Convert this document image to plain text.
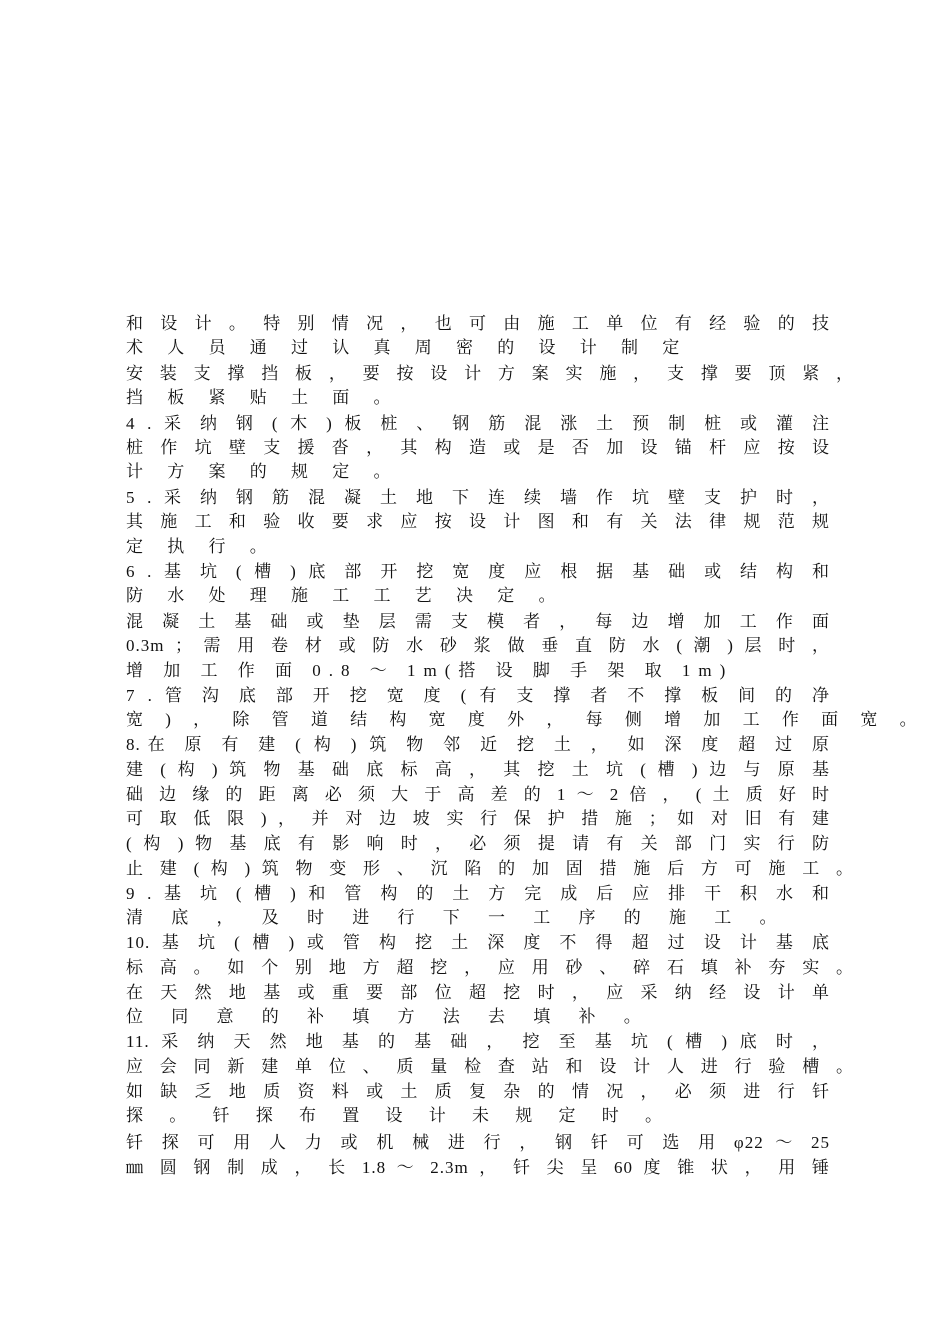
和 设 计 。 特 别 情 况 ， 也 可 由 施 工 单 位 有 经 验 的 技
术 人 员 通 过 认 真 周 密 的 设 计 制 定
安 装 支 撑 挡 板 ， 要 按 设 计 方 案 实 施 ， 支 撑 要 顶 紧 ，
挡 板 紧 贴 土 面 。
4 . 采 纳 钢 ( 木 ) 板 桩 、 钢 筋 混 涨 土 预 制 桩 或 灌 注
桩 作 坑 壁 支 援 沓 ， 其 构 造 或 是 否 加 设 锚 杆 应 按 设
计 方 案 的 规 定 。
5 . 采 纳 钢 筋 混 凝 土 地 下 连 续 墙 作 坑 壁 支 护 时 ，
其 施 工 和 验 收 要 求 应 按 设 计 图 和 有 关 法 律 规 范 规
定 执 行 。
6 . 基 坑 ( 槽 ) 底 部 开 挖 宽 度 应 根 据 基 础 或 结 构 和
防 水 处 理 施 工 工 艺 决 定 。
混 凝 土 基 础 或 垫 层 需 支 模 者 ， 每 边 增 加 工 作 面
0.3m ； 需 用 卷 材 或 防 水 砂 浆 做 垂 直 防 水 ( 潮 ) 层 时 ，
增 加 工 作 面 0.8 ～ 1m(搭 设 脚 手 架 取 1m)
7 . 管 沟 底 部 开 挖 宽 度 ( 有 支 撑 者 不 撑 板 间 的 净
宽 ) ， 除 管 道 结 构 宽 度 外 ， 每 侧 增 加 工 作 面 宽 。
8.在 原 有 建 ( 构 ) 筑 物 邻 近 挖 土 ， 如 深 度 超 过 原
建 ( 构 ) 筑 物 基 础 底 标 高 ， 其 挖 土 坑 ( 槽 ) 边 与 原 基
础 边 缘 的 距 离 必 须 大 于 高 差 的 1 ～ 2 倍 ， ( 土 质 好 时
可 取 低 限 ) ， 并 对 边 坡 实 行 保 护 措 施 ； 如 对 旧 有 建
( 构 ) 物 基 底 有 影 响 时 ， 必 须 提 请 有 关 部 门 实 行 防
止 建 ( 构 ) 筑 物 变 形 、 沉 陷 的 加 固 措 施 后 方 可 施 工 。
9 . 基 坑 ( 槽 ) 和 管 构 的 土 方 完 成 后 应 排 干 积 水 和
清 底 ， 及 时 进 行 下 一 工 序 的 施 工 。
10. 基 坑 ( 槽 ) 或 管 构 挖 土 深 度 不 得 超 过 设 计 基 底
标 高 。 如 个 别 地 方 超 挖 ， 应 用 砂 、 碎 石 填 补 夯 实 。
在 天 然 地 基 或 重 要 部 位 超 挖 时 ， 应 采 纳 经 设 计 单
位 同 意 的 补 填 方 法 去 填 补 。
11. 采 纳 天 然 地 基 的 基 础 ， 挖 至 基 坑 ( 槽 ) 底 时 ，
应 会 同 新 建 单 位 、 质 量 检 查 站 和 设 计 人 进 行 验 槽 。
如 缺 乏 地 质 资 料 或 土 质 复 杂 的 情 况 ， 必 须 进 行 钎
探 。 钎 探 布 置 设 计 未 规 定 时 。
钎 探 可 用 人 力 或 机 械 进 行 ， 钢 钎 可 选 用 φ22 ～ 25
㎜ 圆 钢 制 成 ， 长 1.8 ～ 2.3m ， 钎 尖 呈 60 度 锥 状 ， 用 锤
